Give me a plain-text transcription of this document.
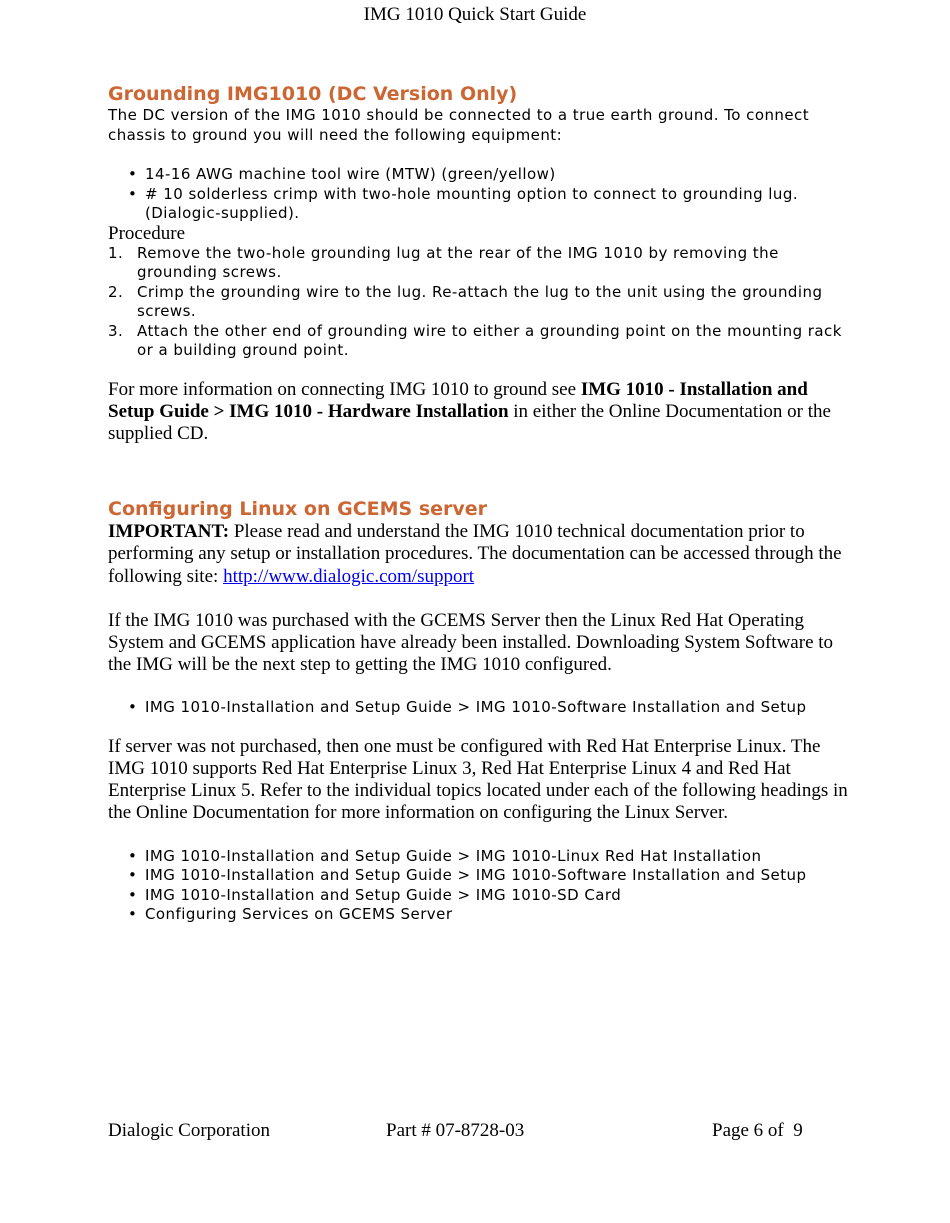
IMG 1010 Quick Start Guide
Grounding IMG1010 (DC Version Only)

The DC version of the IMG 1010 should be connected to a true earth ground. To connect chassis to ground you will need the following equipment:

• 14-16 AWG machine tool wire (MTW) (green/yellow)
• # 10 solderless crimp with two-hole mounting option to connect to grounding lug. (Dialogic-supplied).

Procedure

1. Remove the two-hole grounding lug at the rear of the IMG 1010 by removing the grounding screws.
2. Crimp the grounding wire to the lug. Re-attach the lug to the unit using the grounding screws.
3. Attach the other end of grounding wire to either a grounding point on the mounting rack or a building ground point.

For more information on connecting IMG 1010 to ground see IMG 1010 - Installation and Setup Guide > IMG 1010 - Hardware Installation in either the Online Documentation or the supplied CD.

Configuring Linux on GCEMS server

IMPORTANT: Please read and understand the IMG 1010 technical documentation prior to performing any setup or installation procedures. The documentation can be accessed through the following site: http://www.dialogic.com/support

If the IMG 1010 was purchased with the GCEMS Server then the Linux Red Hat Operating System and GCEMS application have already been installed. Downloading System Software to the IMG will be the next step to getting the IMG 1010 configured.

• IMG 1010-Installation and Setup Guide > IMG 1010-Software Installation and Setup

If server was not purchased, then one must be configured with Red Hat Enterprise Linux. The IMG 1010 supports Red Hat Enterprise Linux 3, Red Hat Enterprise Linux 4 and Red Hat Enterprise Linux 5. Refer to the individual topics located under each of the following headings in the Online Documentation for more information on configuring the Linux Server.

• IMG 1010-Installation and Setup Guide > IMG 1010-Linux Red Hat Installation
• IMG 1010-Installation and Setup Guide > IMG 1010-Software Installation and Setup
• IMG 1010-Installation and Setup Guide > IMG 1010-SD Card
• Configuring Services on GCEMS Server
Dialogic Corporation	Part # 07-8728-03	Page 6 of  9
